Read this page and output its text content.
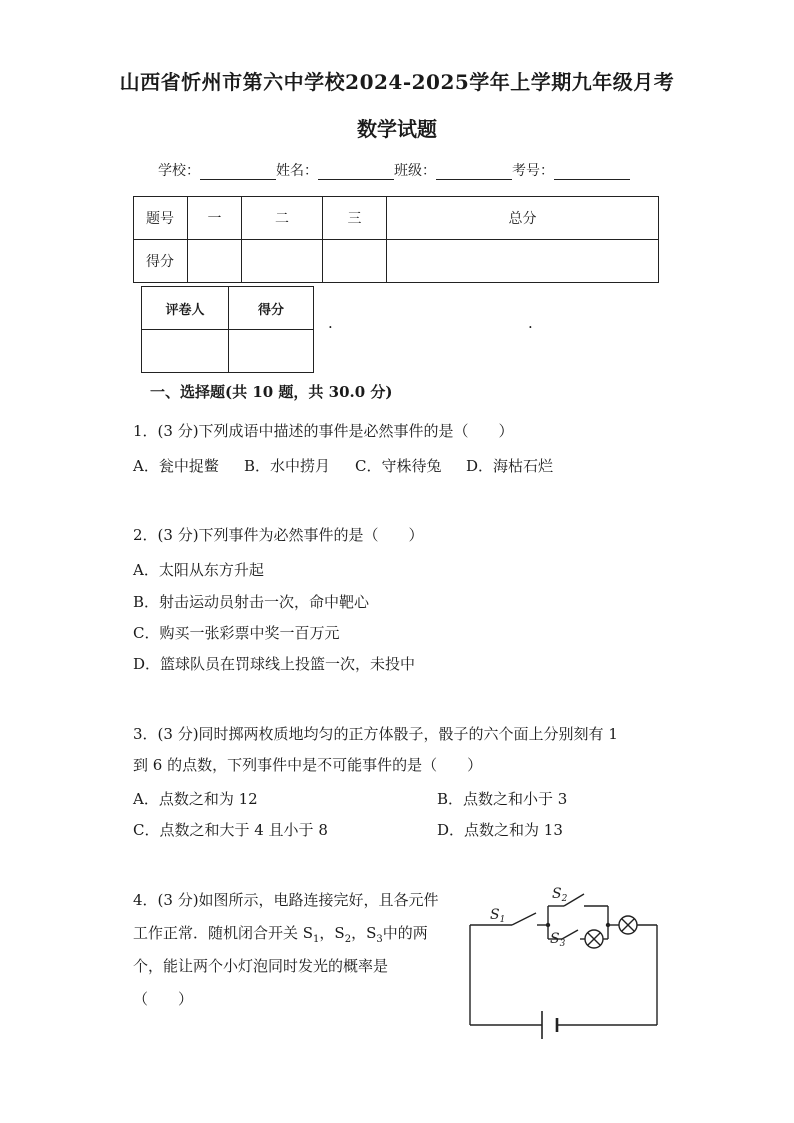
山西省忻州市第六中学校2024-2025学年上学期九年级月考
数学试题
学校：	姓名：	班级：	考号：
题号	一	二	三	总分
得分				
评卷人	得分

.	.
一、选择题(共 10 题，共 30.0 分)
1．(3 分)下列成语中描述的事件是必然事件的是（　　）
A．瓮中捉鳖 B．水中捞月 C．守株待兔 D．海枯石烂
2．(3 分)下列事件为必然事件的是（　　）
A．太阳从东方升起
B．射击运动员射击一次，命中靶心
C．购买一张彩票中奖一百万元
D．篮球队员在罚球线上投篮一次，未投中
3．(3 分)同时掷两枚质地均匀的正方体骰子，骰子的六个面上分别刻有 1
到 6 的点数，下列事件中是不可能事件的是（　　）
A．点数之和为 12	B．点数之和小于 3
C．点数之和大于 4 且小于 8	D．点数之和为 13
4．(3 分)如图所示，电路连接完好，且各元件
工作正常．随机闭合开关 $S_1$，$S_2$，$S_3$中的两
个，能让两个小灯泡同时发光的概率是
（　　）
$S_1$
$S_2$
$S_3$
